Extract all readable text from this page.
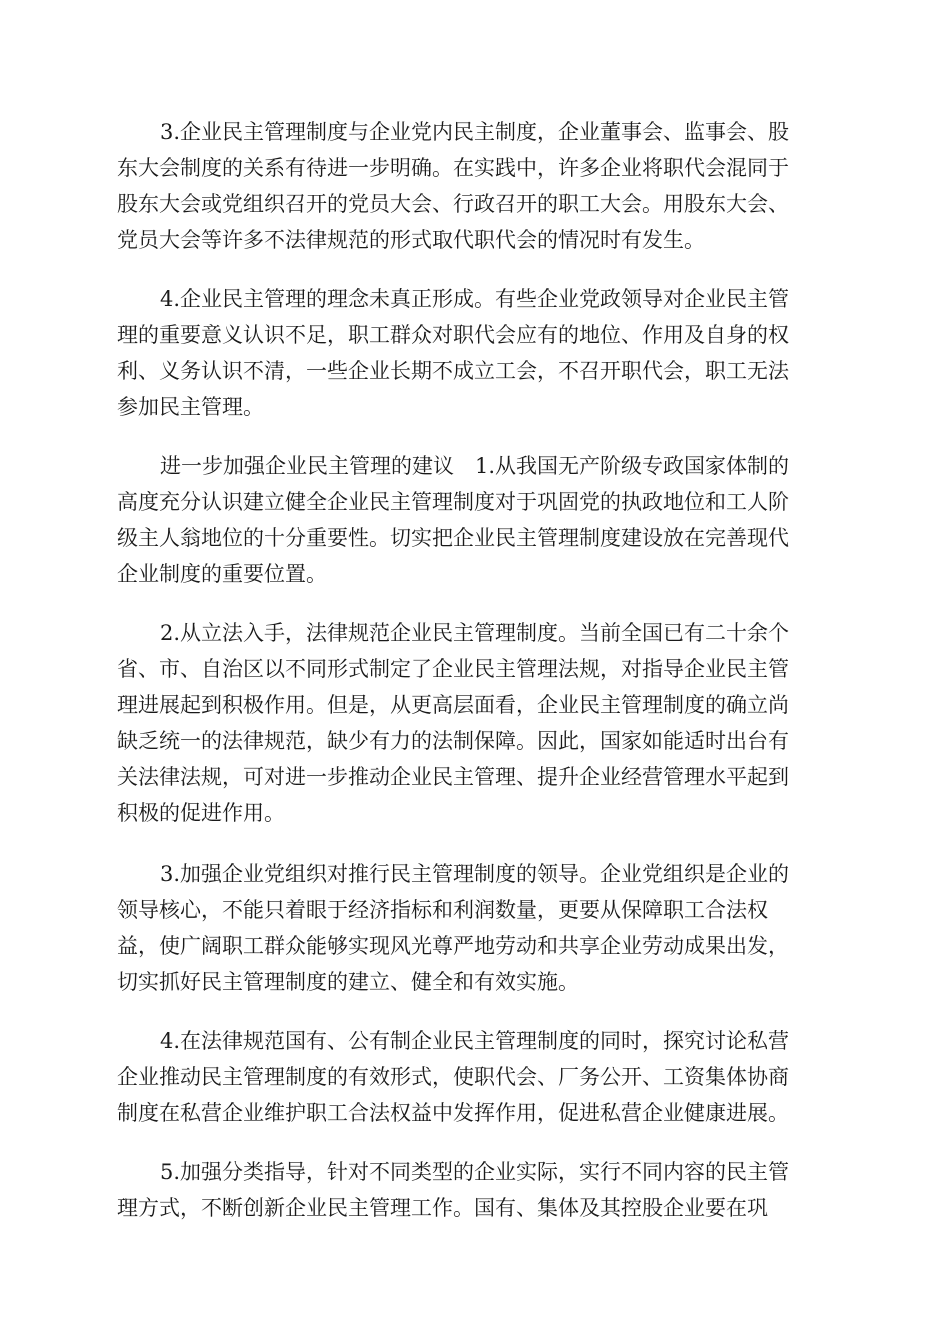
3.企业民主管理制度与企业党内民主制度，企业董事会、监事会、股

东大会制度的关系有待进一步明确。在实践中，许多企业将职代会混同于

股东大会或党组织召开的党员大会、行政召开的职工大会。用股东大会、

党员大会等许多不法律规范的形式取代职代会的情况时有发生。

4.企业民主管理的理念未真正形成。有些企业党政领导对企业民主管

理的重要意义认识不足，职工群众对职代会应有的地位、作用及自身的权

利、义务认识不清，一些企业长期不成立工会，不召开职代会，职工无法

参加民主管理。

进一步加强企业民主管理的建议　1.从我国无产阶级专政国家体制的

高度充分认识建立健全企业民主管理制度对于巩固党的执政地位和工人阶

级主人翁地位的十分重要性。切实把企业民主管理制度建设放在完善现代

企业制度的重要位置。

2.从立法入手，法律规范企业民主管理制度。当前全国已有二十余个

省、市、自治区以不同形式制定了企业民主管理法规，对指导企业民主管

理进展起到积极作用。但是，从更高层面看，企业民主管理制度的确立尚

缺乏统一的法律规范，缺少有力的法制保障。因此，国家如能适时出台有

关法律法规，可对进一步推动企业民主管理、提升企业经营管理水平起到

积极的促进作用。

3.加强企业党组织对推行民主管理制度的领导。企业党组织是企业的

领导核心，不能只着眼于经济指标和利润数量，更要从保障职工合法权

益，使广阔职工群众能够实现风光尊严地劳动和共享企业劳动成果出发，

切实抓好民主管理制度的建立、健全和有效实施。

4.在法律规范国有、公有制企业民主管理制度的同时，探究讨论私营

企业推动民主管理制度的有效形式，使职代会、厂务公开、工资集体协商

制度在私营企业维护职工合法权益中发挥作用，促进私营企业健康进展。

5.加强分类指导，针对不同类型的企业实际，实行不同内容的民主管

理方式，不断创新企业民主管理工作。国有、集体及其控股企业要在巩
